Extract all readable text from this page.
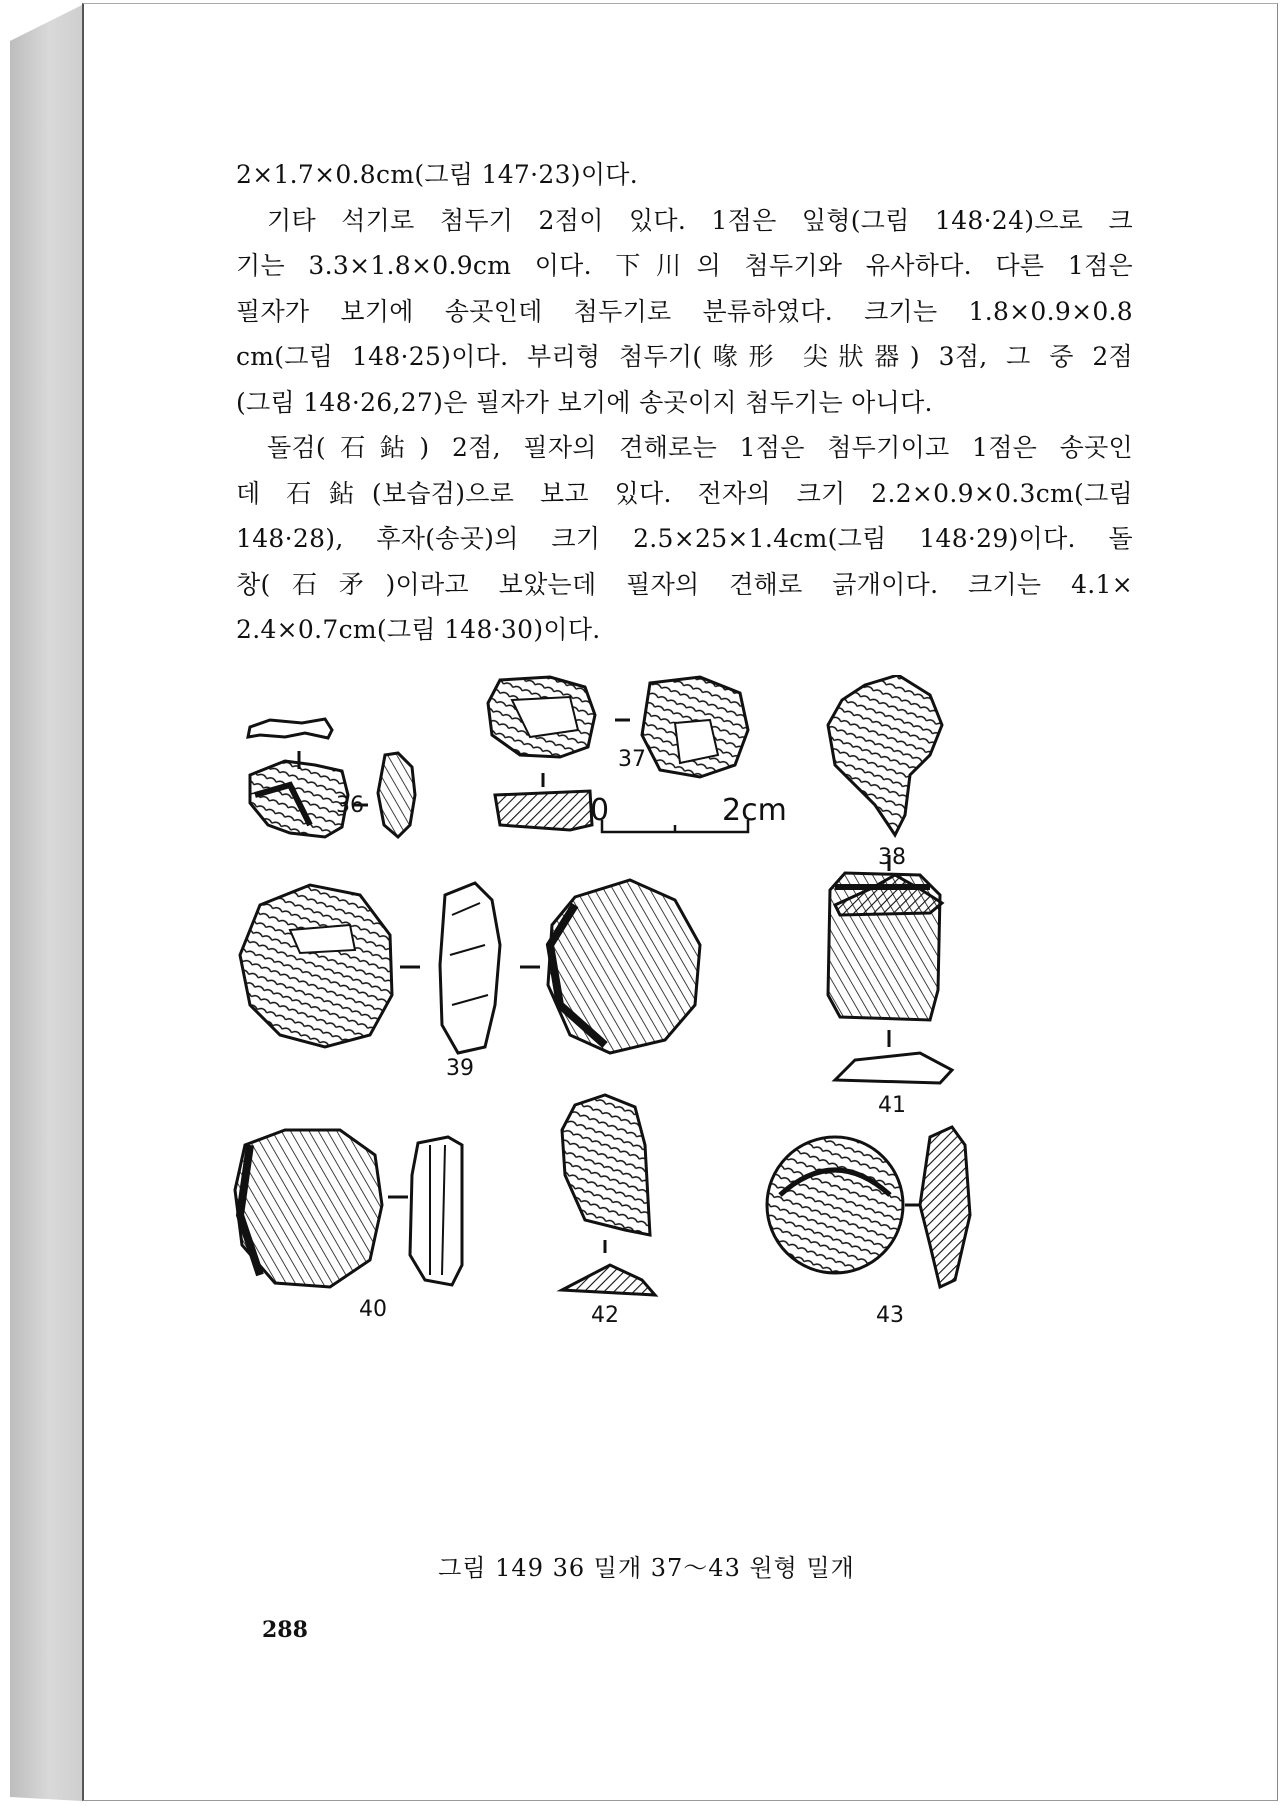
2×1.7×0.8cm(그림 147·23)이다.

기타 석기로 첨두기 2점이 있다. 1점은 잎형(그림 148·24)으로 크

기는 3.3×1.8×0.9cm 이다. 下川의 첨두기와 유사하다. 다른 1점은

필자가 보기에 송곳인데 첨두기로 분류하였다. 크기는 1.8×0.9×0.8

cm(그림 148·25)이다. 부리형 첨두기(喙形 尖狀器) 3점, 그 중 2점

(그림 148·26,27)은 필자가 보기에 송곳이지 첨두기는 아니다.

돌검(石鉆) 2점, 필자의 견해로는 1점은 첨두기이고 1점은 송곳인

데 石鉆(보습검)으로 보고 있다. 전자의 크기 2.2×0.9×0.3cm(그림

148·28), 후자(송곳)의 크기 2.5×25×1.4cm(그림 148·29)이다. 돌

창(石矛)이라고 보았는데 필자의 견해로 긁개이다. 크기는 4.1×

2.4×0.7cm(그림 148·30)이다.

36
37
38
39
40
41
42	43
0	2cm
그림 149 36 밀개 37～43 원형 밀개
288
